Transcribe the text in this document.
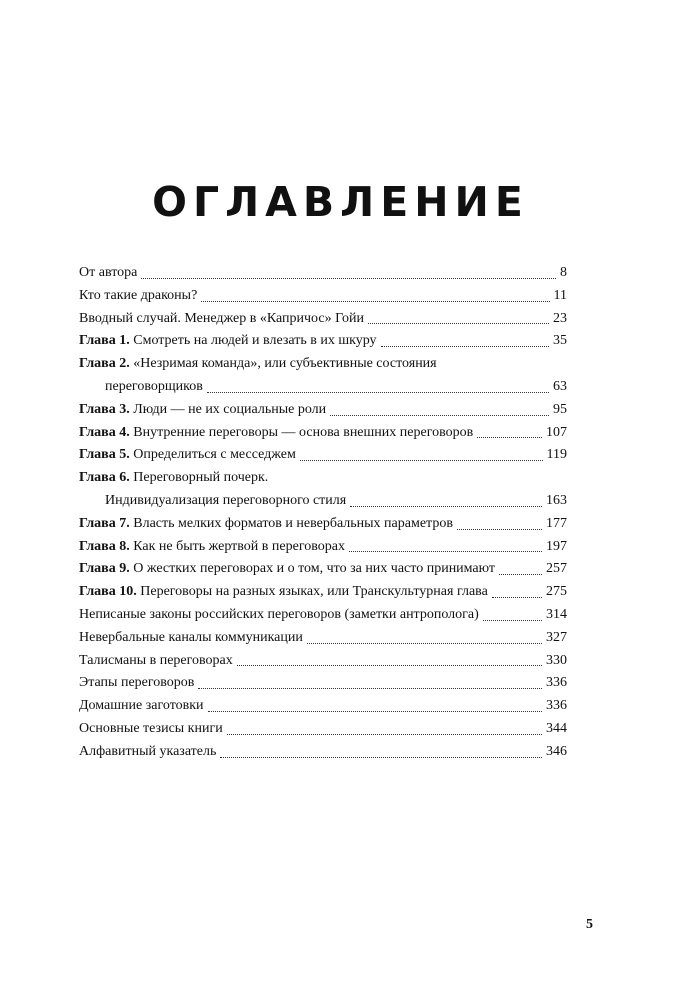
ОГЛАВЛЕНИЕ
От автора	8
Кто такие драконы?	11
Вводный случай. Менеджер в «Капричос» Гойи	23
Глава 1. Смотреть на людей и влезать в их шкуру	35
Глава 2. «Незримая команда», или субъективные состояния
переговорщиков	63
Глава 3. Люди — не их социальные роли	95
Глава 4. Внутренние переговоры — основа внешних переговоров	107
Глава 5. Определиться с месседжем	119
Глава 6. Переговорный почерк.
Индивидуализация переговорного стиля	163
Глава 7. Власть мелких форматов и невербальных параметров	177
Глава 8. Как не быть жертвой в переговорах	197
Глава 9. О жестких переговорах и о том, что за них часто принимают	257
Глава 10. Переговоры на разных языках, или Транскультурная глава	275
Неписаные законы российских переговоров (заметки антрополога)	314
Невербальные каналы коммуникации	327
Талисманы в переговорах	330
Этапы переговоров	336
Домашние заготовки	336
Основные тезисы книги	344
Алфавитный указатель	346
5
